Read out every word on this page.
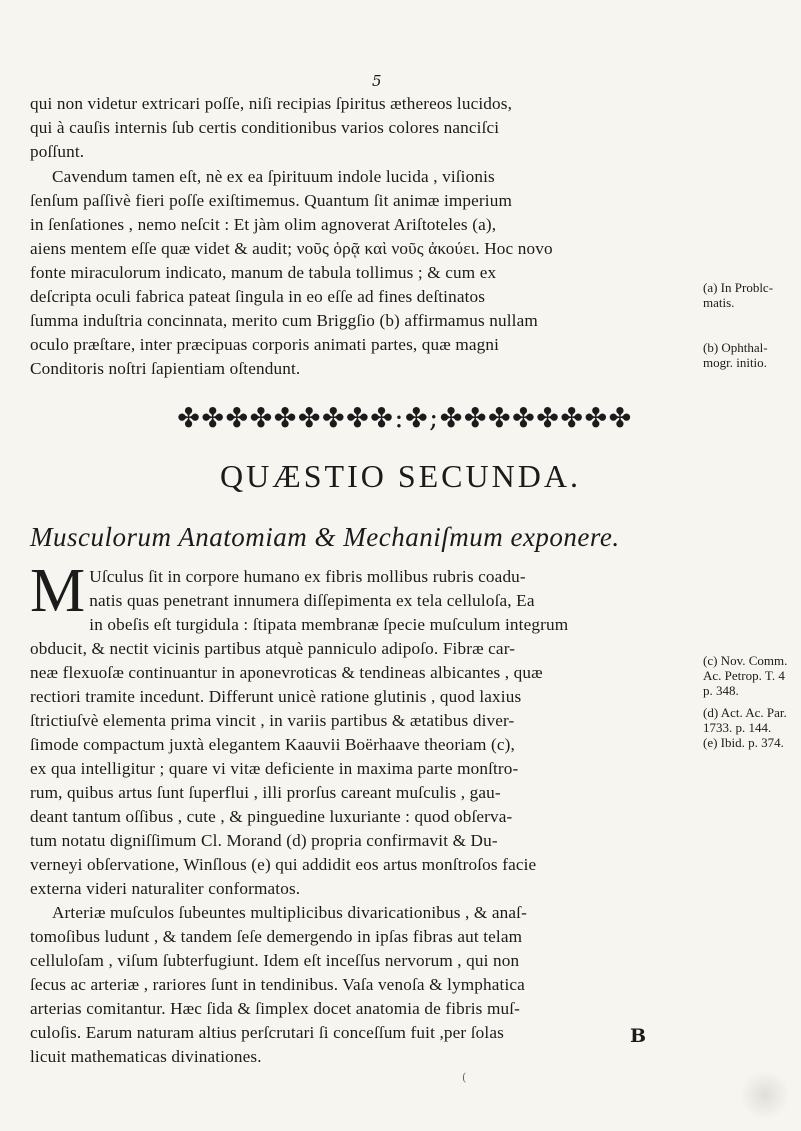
5
qui non videtur extricari poſſe, niſi recipias ſpiritus æthereos lucidos,
qui à cauſis internis ſub certis conditionibus varios colores nanciſci
poſſunt.
Cavendum tamen eſt, nè ex ea ſpirituum indole lucida , viſionis
ſenſum paſſivè fieri poſſe exiſtimemus. Quantum ſit animæ imperium
in ſenſationes , nemo neſcit : Et jàm olim agnoverat Ariſtoteles (a),
aiens mentem eſſe quæ videt & audit; νοῦς ὁρᾷ καὶ νοῦς ἀκούει. Hoc novo
fonte miraculorum indicato, manum de tabula tollimus ; & cum ex
deſcripta oculi fabrica pateat ſingula in eo eſſe ad fines deſtinatos
ſumma induſtria concinnata, merito cum Briggſio (b) affirmamus nullam
oculo præſtare, inter præcipuas corporis animati partes, quæ magni
Conditoris noſtri ſapientiam oſtendunt.
(a) In Problc-
matis.
(b) Ophthal-
mogr. initio.
✤✤✤✤✤✤✤✤✤:✤;✤✤✤✤✤✤✤✤
QUÆSTIO SECUNDA.
Musculorum Anatomiam & Mechaniſmum exponere.
M Uſculus ſit in corpore humano ex fibris mollibus rubris coadu-
natis quas penetrant innumera diſſepimenta ex tela celluloſa, Ea
in obeſis eſt turgidula : ſtipata membranæ ſpecie muſculum integrum
obducit, & nectit vicinis partibus atquè panniculo adipoſo. Fibræ car-
neæ flexuoſæ continuantur in aponevroticas & tendineas albicantes , quæ
rectiori tramite incedunt. Differunt unicè ratione glutinis , quod laxius
ſtrictiuſvè elementa prima vincit , in variis partibus & ætatibus diver-
ſimode compactum juxtà elegantem Kaauvii Boërhaave theoriam (c),
ex qua intelligitur ; quare vi vitæ deficiente in maxima parte monſtro-
rum, quibus artus ſunt ſuperflui , illi prorſus careant muſculis , gau-
deant tantum oſſibus , cute , & pinguedine luxuriante : quod obſerva-
tum notatu digniſſimum Cl. Morand (d) propria confirmavit & Du-
verneyi obſervatione, Winſlous (e) qui addidit eos artus monſtroſos facie
externa videri naturaliter conformatos.
Arteriæ muſculos ſubeuntes multiplicibus divaricationibus , & anaſ-
tomoſibus ludunt , & tandem ſeſe demergendo in ipſas fibras aut telam
celluloſam , viſum ſubterfugiunt. Idem eſt inceſſus nervorum , qui non
ſecus ac arteriæ , rariores ſunt in tendinibus. Vaſa venoſa & lymphatica
arterias comitantur. Hæc ſida & ſimplex docet anatomia de fibris muſ-
culoſis. Earum naturam altius perſcrutari ſi conceſſum fuit ,per ſolas
licuit mathematicas divinationes.
(c) Nov. Comm.
Ac. Petrop. T. 4
p. 348.
(d) Act. Ac. Par.
1733. p. 144.
(e) Ibid. p. 374.
B
(
